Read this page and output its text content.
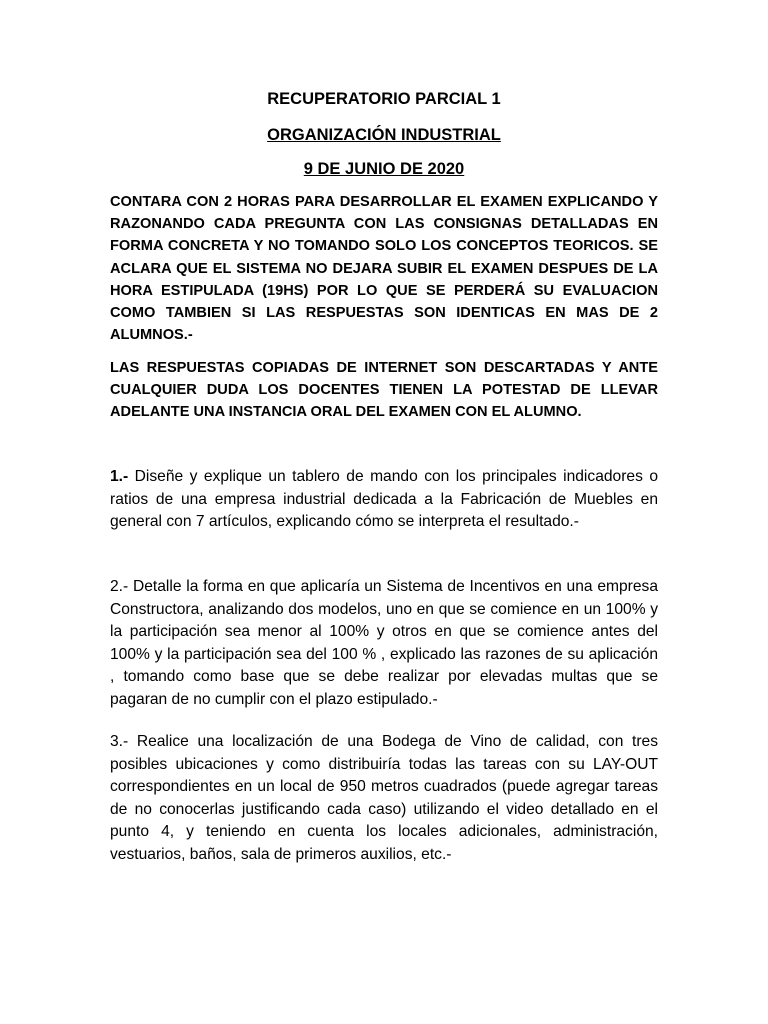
RECUPERATORIO PARCIAL 1

ORGANIZACIÓN INDUSTRIAL

9 DE JUNIO DE 2020

CONTARA CON 2 HORAS PARA DESARROLLAR EL EXAMEN EXPLICANDO Y RAZONANDO CADA PREGUNTA CON LAS CONSIGNAS DETALLADAS EN FORMA CONCRETA Y NO TOMANDO SOLO LOS CONCEPTOS TEORICOS. SE ACLARA QUE EL SISTEMA NO DEJARA SUBIR EL EXAMEN DESPUES DE LA HORA ESTIPULADA (19HS) POR LO QUE SE PERDERÁ SU EVALUACION COMO TAMBIEN SI LAS RESPUESTAS SON IDENTICAS EN MAS DE 2 ALUMNOS.-

LAS RESPUESTAS COPIADAS DE INTERNET SON DESCARTADAS Y ANTE CUALQUIER DUDA LOS DOCENTES TIENEN LA POTESTAD DE LLEVAR ADELANTE UNA INSTANCIA ORAL DEL EXAMEN CON EL ALUMNO.

1.- Diseñe y explique un tablero de mando con los principales indicadores o ratios de una empresa industrial dedicada a la Fabricación de Muebles en general con 7 artículos, explicando cómo se interpreta el resultado.-

2.- Detalle la forma en que aplicaría un Sistema de Incentivos en una empresa Constructora, analizando dos modelos, uno en que se comience en un 100% y la participación sea menor al 100% y otros en que se comience antes del 100% y la participación sea del 100 % , explicado las razones de su aplicación , tomando como base que se debe realizar por elevadas multas que se pagaran de no cumplir con el plazo estipulado.-

3.- Realice una localización de una Bodega de Vino de calidad, con tres posibles ubicaciones y como distribuiría todas las tareas con su LAY-OUT correspondientes en un local de 950 metros cuadrados (puede agregar tareas de no conocerlas justificando cada caso) utilizando el video detallado en el punto 4, y teniendo en cuenta los locales adicionales, administración, vestuarios, baños, sala de primeros auxilios, etc.-
